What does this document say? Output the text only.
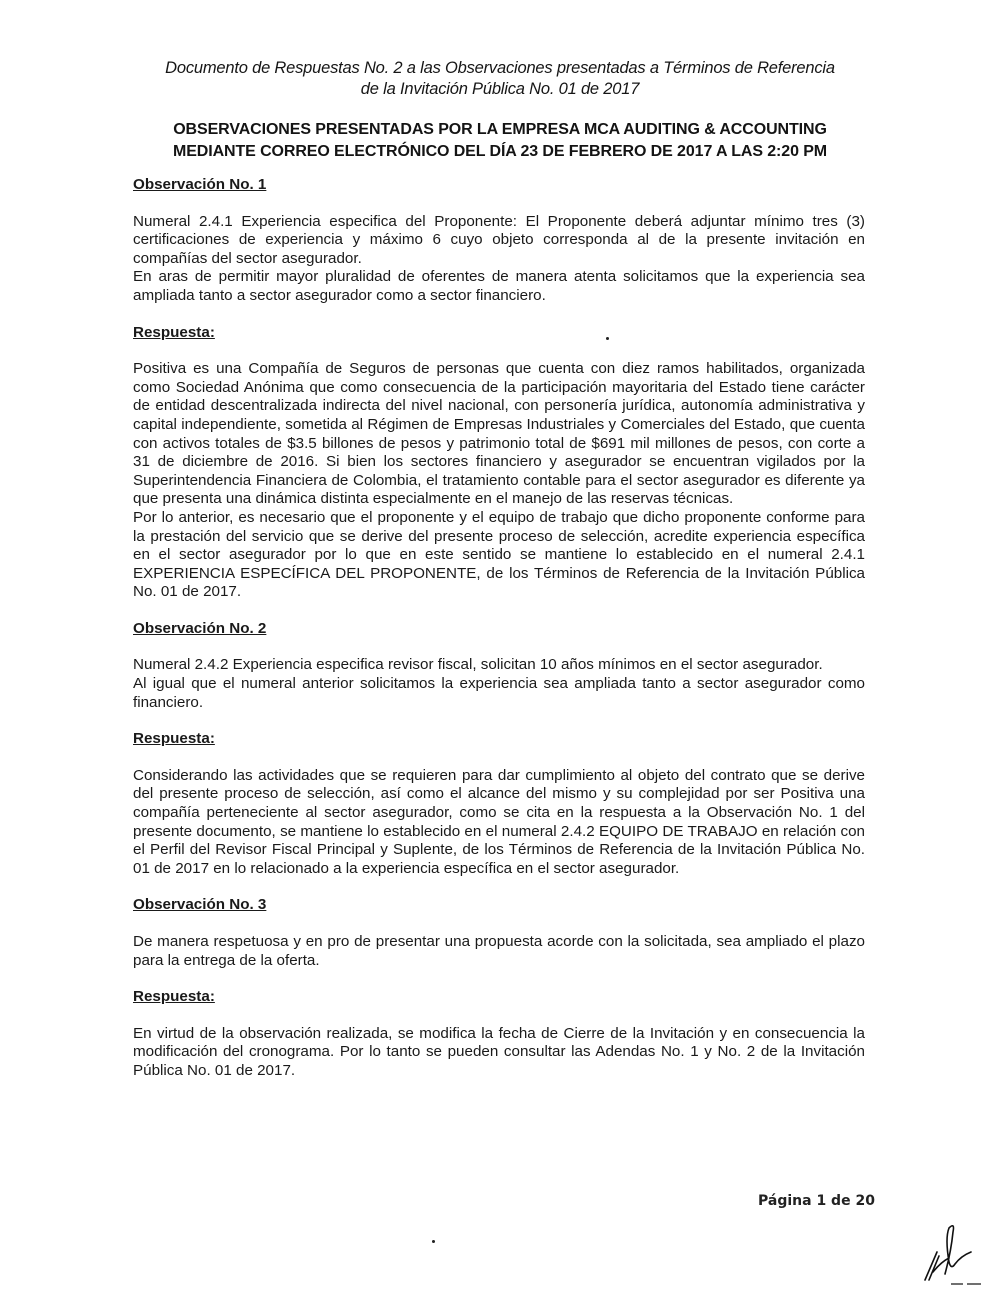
Documento de Respuestas No. 2 a las Observaciones presentadas a Términos de Referencia
de la Invitación Pública No. 01 de 2017
OBSERVACIONES PRESENTADAS POR LA EMPRESA MCA AUDITING & ACCOUNTING
MEDIANTE CORREO ELECTRÓNICO DEL DÍA 23 DE FEBRERO DE 2017 A LAS 2:20 PM

Observación No. 1

Numeral 2.4.1 Experiencia especifica del Proponente: El Proponente deberá adjuntar mínimo tres (3) certificaciones de experiencia y máximo 6 cuyo objeto corresponda al de la presente invitación en compañías del sector asegurador.

En aras de permitir mayor pluralidad de oferentes de manera atenta solicitamos que la experiencia sea ampliada tanto a sector asegurador como a sector financiero.

Respuesta:

Positiva es una Compañía de Seguros de personas que cuenta con diez ramos habilitados, organizada como Sociedad Anónima que como consecuencia de la participación mayoritaria del Estado tiene carácter de entidad descentralizada indirecta del nivel nacional, con personería jurídica, autonomía administrativa y capital independiente, sometida al Régimen de Empresas Industriales y Comerciales del Estado, que cuenta con activos totales de $3.5 billones de pesos y patrimonio total de $691 mil millones de pesos, con corte a 31 de diciembre de 2016. Si bien los sectores financiero y asegurador se encuentran vigilados por la Superintendencia Financiera de Colombia, el tratamiento contable para el sector asegurador es diferente ya que presenta una dinámica distinta especialmente en el manejo de las reservas técnicas.

Por lo anterior, es necesario que el proponente y el equipo de trabajo que dicho proponente conforme para la prestación del servicio que se derive del presente proceso de selección, acredite experiencia específica en el sector asegurador por lo que en este sentido se mantiene lo establecido en el numeral 2.4.1 EXPERIENCIA ESPECÍFICA DEL PROPONENTE, de los Términos de Referencia de la Invitación Pública No. 01 de 2017.

Observación No. 2

Numeral 2.4.2 Experiencia especifica revisor fiscal, solicitan 10 años mínimos en el sector asegurador.

Al igual que el numeral anterior solicitamos la experiencia sea ampliada tanto a sector asegurador como financiero.

Respuesta:

Considerando las actividades que se requieren para dar cumplimiento al objeto del contrato que se derive del presente proceso de selección, así como el alcance del mismo y su complejidad por ser Positiva una compañía perteneciente al sector asegurador, como se cita en la respuesta a la Observación No. 1 del presente documento, se mantiene lo establecido en el numeral 2.4.2 EQUIPO DE TRABAJO en relación con el Perfil del Revisor Fiscal Principal y Suplente, de los Términos de Referencia de la Invitación Pública No. 01 de 2017 en lo relacionado a la experiencia específica en el sector asegurador.

Observación No. 3

De manera respetuosa y en pro de presentar una propuesta acorde con la solicitada, sea ampliado el plazo para la entrega de la oferta.

Respuesta:

En virtud de la observación realizada, se modifica la fecha de Cierre de la Invitación y en consecuencia la modificación del cronograma. Por lo tanto se pueden consultar las Adendas No. 1 y No. 2 de la Invitación Pública No. 01 de 2017.

Página 1 de 20
